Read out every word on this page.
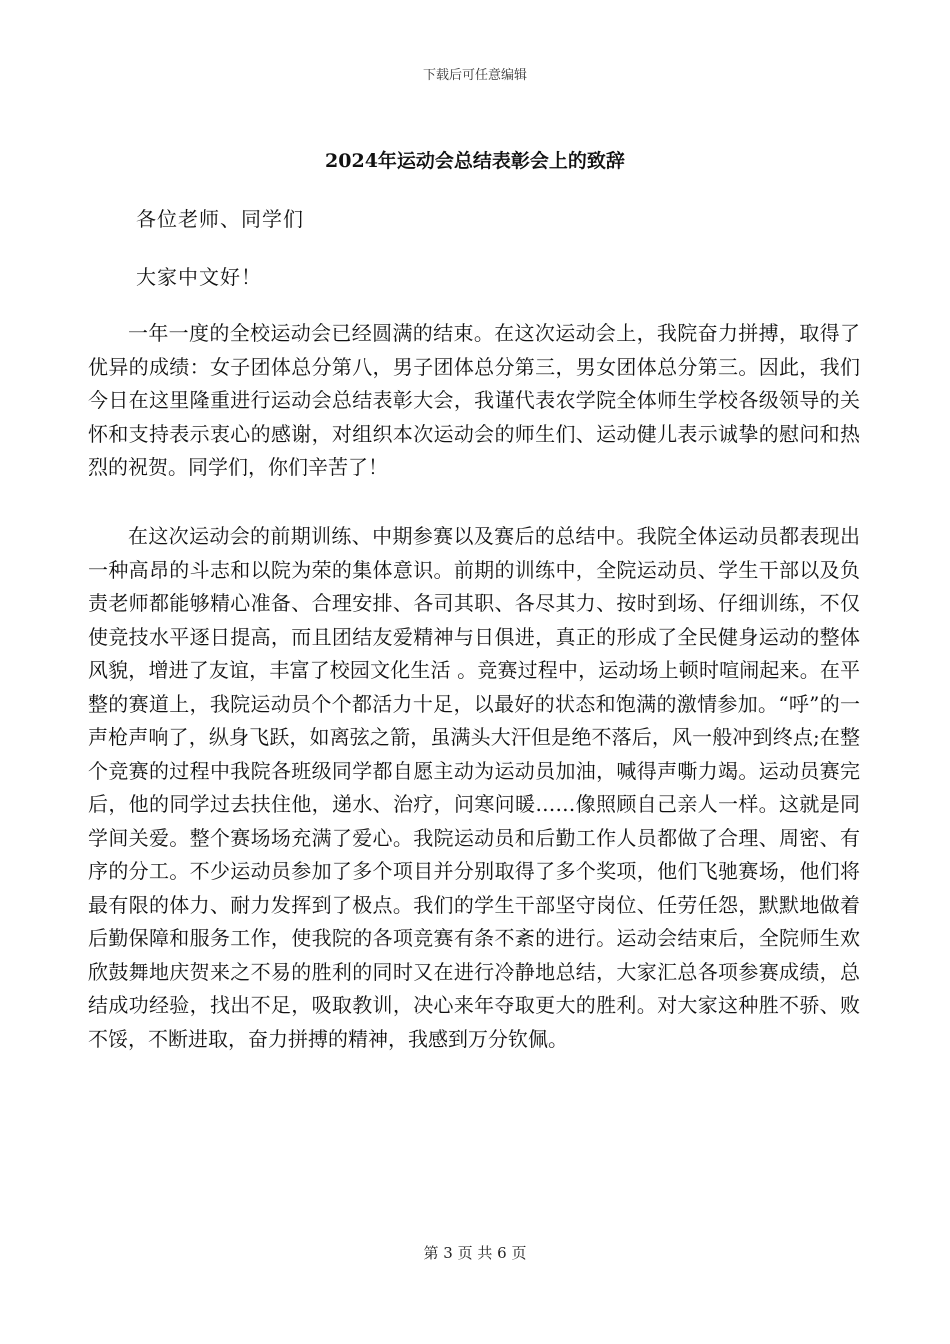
下载后可任意编辑
2024年运动会总结表彰会上的致辞
各位老师、同学们
大家中文好！

一年一度的全校运动会已经圆满的结束。在这次运动会上，我院奋力拼搏，取得了优异的成绩：女子团体总分第八，男子团体总分第三，男女团体总分第三。因此，我们今日在这里隆重进行运动会总结表彰大会，我谨代表农学院全体师生学校各级领导的关怀和支持表示衷心的感谢，对组织本次运动会的师生们、运动健儿表示诚挚的慰问和热烈的祝贺。同学们，你们辛苦了！

在这次运动会的前期训练、中期参赛以及赛后的总结中。我院全体运动员都表现出一种高昂的斗志和以院为荣的集体意识。前期的训练中，全院运动员、学生干部以及负责老师都能够精心准备、合理安排、各司其职、各尽其力、按时到场、仔细训练，不仅使竞技水平逐日提高，而且团结友爱精神与日俱进，真正的形成了全民健身运动的整体风貌，增进了友谊，丰富了校园文化生活 。竞赛过程中，运动场上顿时喧闹起来。在平整的赛道上，我院运动员个个都活力十足，以最好的状态和饱满的激情参加。“呼”的一声枪声响了，纵身飞跃，如离弦之箭，虽满头大汗但是绝不落后，风一般冲到终点;在整个竞赛的过程中我院各班级同学都自愿主动为运动员加油，喊得声嘶力竭。运动员赛完后，他的同学过去扶住他，递水、治疗，问寒问暖……像照顾自己亲人一样。这就是同学间关爱。整个赛场场充满了爱心。我院运动员和后勤工作人员都做了合理、周密、有序的分工。不少运动员参加了多个项目并分别取得了多个奖项，他们飞驰赛场，他们将最有限的体力、耐力发挥到了极点。我们的学生干部坚守岗位、任劳任怨，默默地做着后勤保障和服务工作，使我院的各项竞赛有条不紊的进行。运动会结束后，全院师生欢欣鼓舞地庆贺来之不易的胜利的同时又在进行冷静地总结，大家汇总各项参赛成绩，总结成功经验，找出不足，吸取教训，决心来年夺取更大的胜利。对大家这种胜不骄、败不馁，不断进取，奋力拼搏的精神，我感到万分钦佩。

第 3 页 共 6 页
